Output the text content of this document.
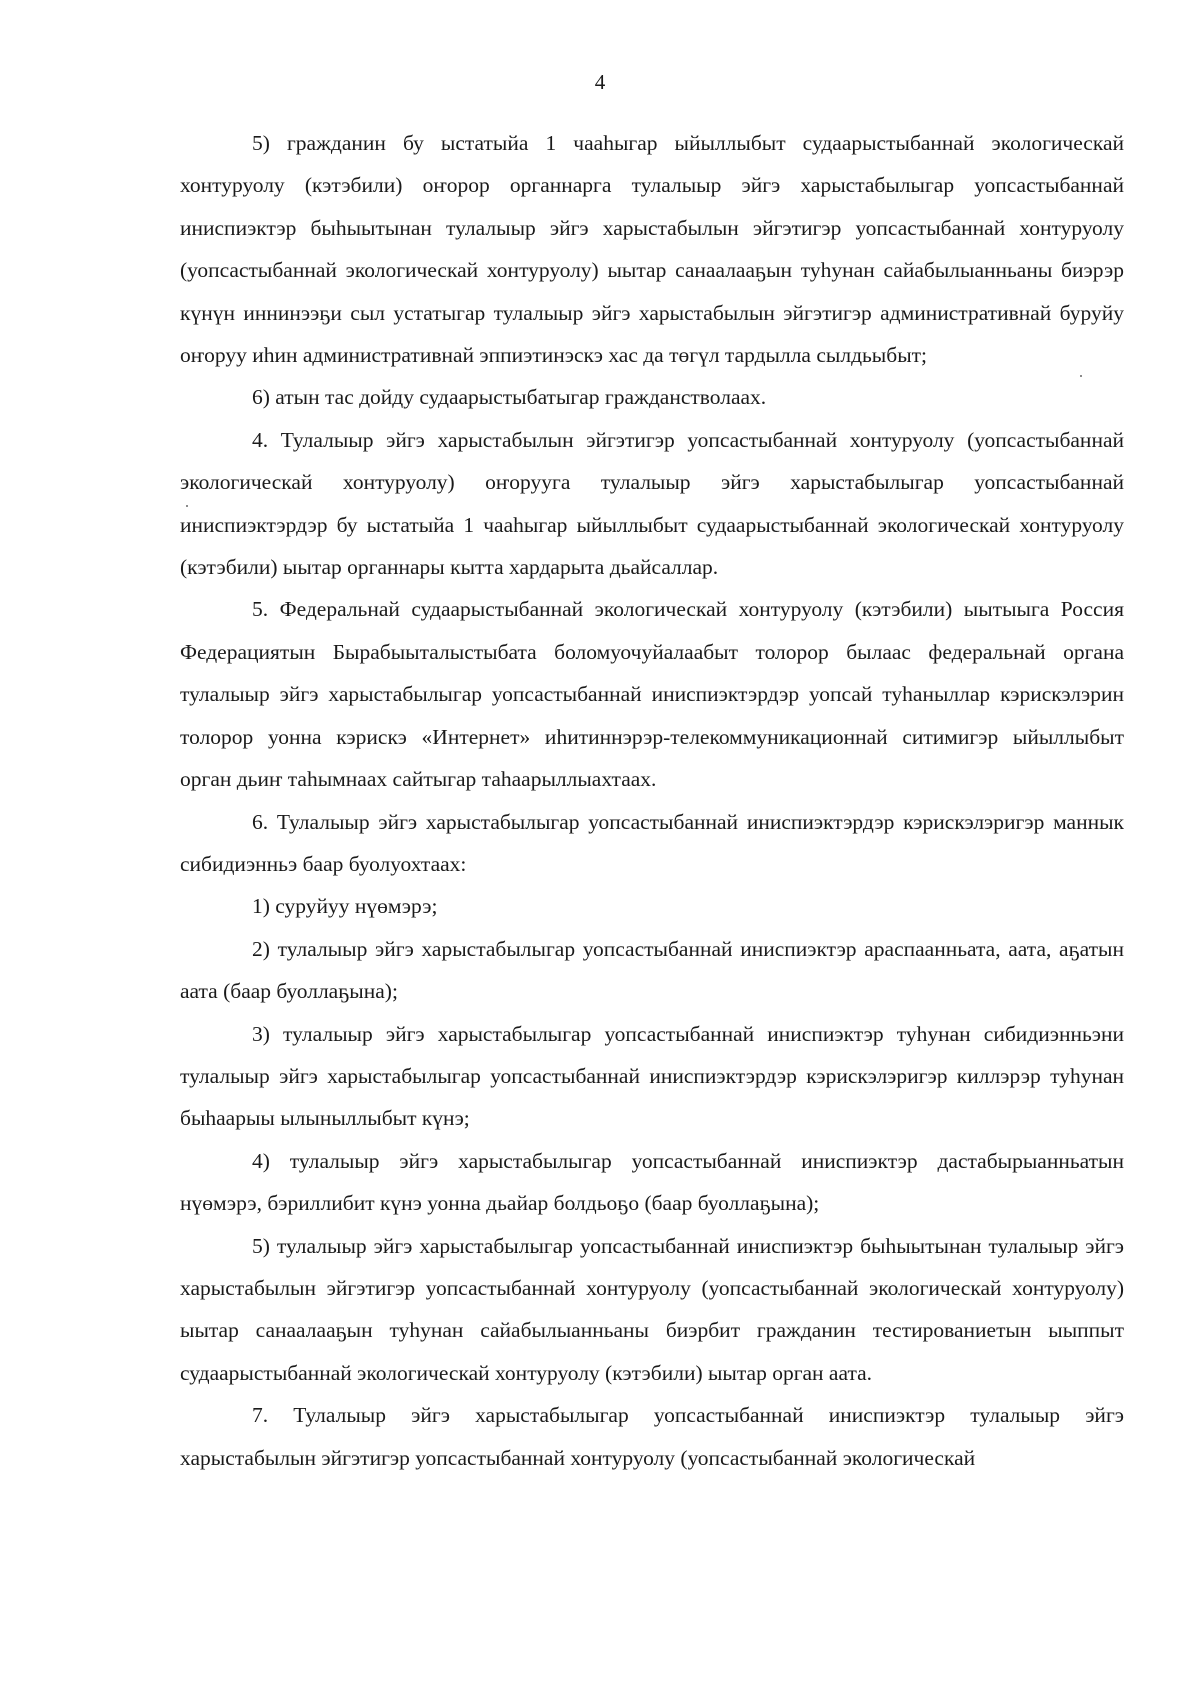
4

5) гражданин бу ыстатыйа 1 чааһыгар ыйыллыбыт судаарыстыбаннай экологическай хонтуруолу (кэтэбили) оҥорор органнарга тулалыыр эйгэ харыстабылыгар уопсастыбаннай иниспиэктэр быһыытынан тулалыыр эйгэ харыстабылын эйгэтигэр уопсастыбаннай хонтуруолу (уопсастыбаннай экологическай хонтуруолу) ыытар санаалааҕын туһунан сайабылыанньаны биэрэр күнүн иннинээҕи сыл устатыгар тулалыыр эйгэ харыстабылын эйгэтигэр административнай буруйу оҥоруу иһин административнай эппиэтинэскэ хас да төгүл тардыллa сылдьыбыт;

6) атын тас дойду судаарыстыбатыгар гражданстволаах.

4. Тулалыыр эйгэ харыстабылын эйгэтигэр уопсастыбаннай хонтуруолу (уопсастыбаннай экологическай хонтуруолу) оҥорууга тулалыыр эйгэ харыстабылыгар уопсастыбаннай иниспиэктэрдэр бу ыстатыйа 1 чааһыгар ыйыллыбыт судаарыстыбаннай экологическай хонтуруолу (кэтэбили) ыытар органнары кытта хардарыта дьайсаллар.

5. Федеральнай судаарыстыбаннай экологическай хонтуруолу (кэтэбили) ыытыыга Россия Федерациятын Бырабыыталыстыбата боломуочуйалаабыт толорор былаас федеральнай органа тулалыыр эйгэ харыстабылыгар уопсастыбаннай иниспиэктэрдэр уопсай туһаныллар кэрискэлэрин толорор уонна кэрискэ «Интернет» иһитиннэрэр-телекоммуникационнай ситимигэр ыйыллыбыт орган дьиҥ таһымнаах сайтыгар таһаарыллыахтаах.

6. Тулалыыр эйгэ харыстабылыгар уопсастыбаннай иниспиэктэрдэр кэрискэлэригэр маннык сибидиэнньэ баар буолуохтаах:

1) суруйуу нүөмэрэ;

2) тулалыыр эйгэ харыстабылыгар уопсастыбаннай иниспиэктэр араспаанньата, аата, аҕатын аата (баар буоллаҕына);

3) тулалыыр эйгэ харыстабылыгар уопсастыбаннай иниспиэктэр туһунан сибидиэнньэни тулалыыр эйгэ харыстабылыгар уопсастыбаннай иниспиэктэрдэр кэрискэлэригэр киллэрэр туһунан быһаарыы ылыныллыбыт күнэ;

4) тулалыыр эйгэ харыстабылыгар уопсастыбаннай иниспиэктэр дастабырыанньатын нүөмэрэ, бэриллибит күнэ уонна дьайар болдьоҕо (баар буоллаҕына);

5) тулалыыр эйгэ харыстабылыгар уопсастыбаннай иниспиэктэр быһыытынан тулалыыр эйгэ харыстабылын эйгэтигэр уопсастыбаннай хонтуруолу (уопсастыбаннай экологическай хонтуруолу) ыытар санаалааҕын туһунан сайабылыанньаны биэрбит гражданин тестированиетын ыыппыт судаарыстыбаннай экологическай хонтуруолу (кэтэбили) ыытар орган аата.

7. Тулалыыр эйгэ харыстабылыгар уопсастыбаннай иниспиэктэр тулалыыр эйгэ харыстабылын эйгэтигэр уопсастыбаннай хонтуруолу (уопсастыбаннай экологическай
